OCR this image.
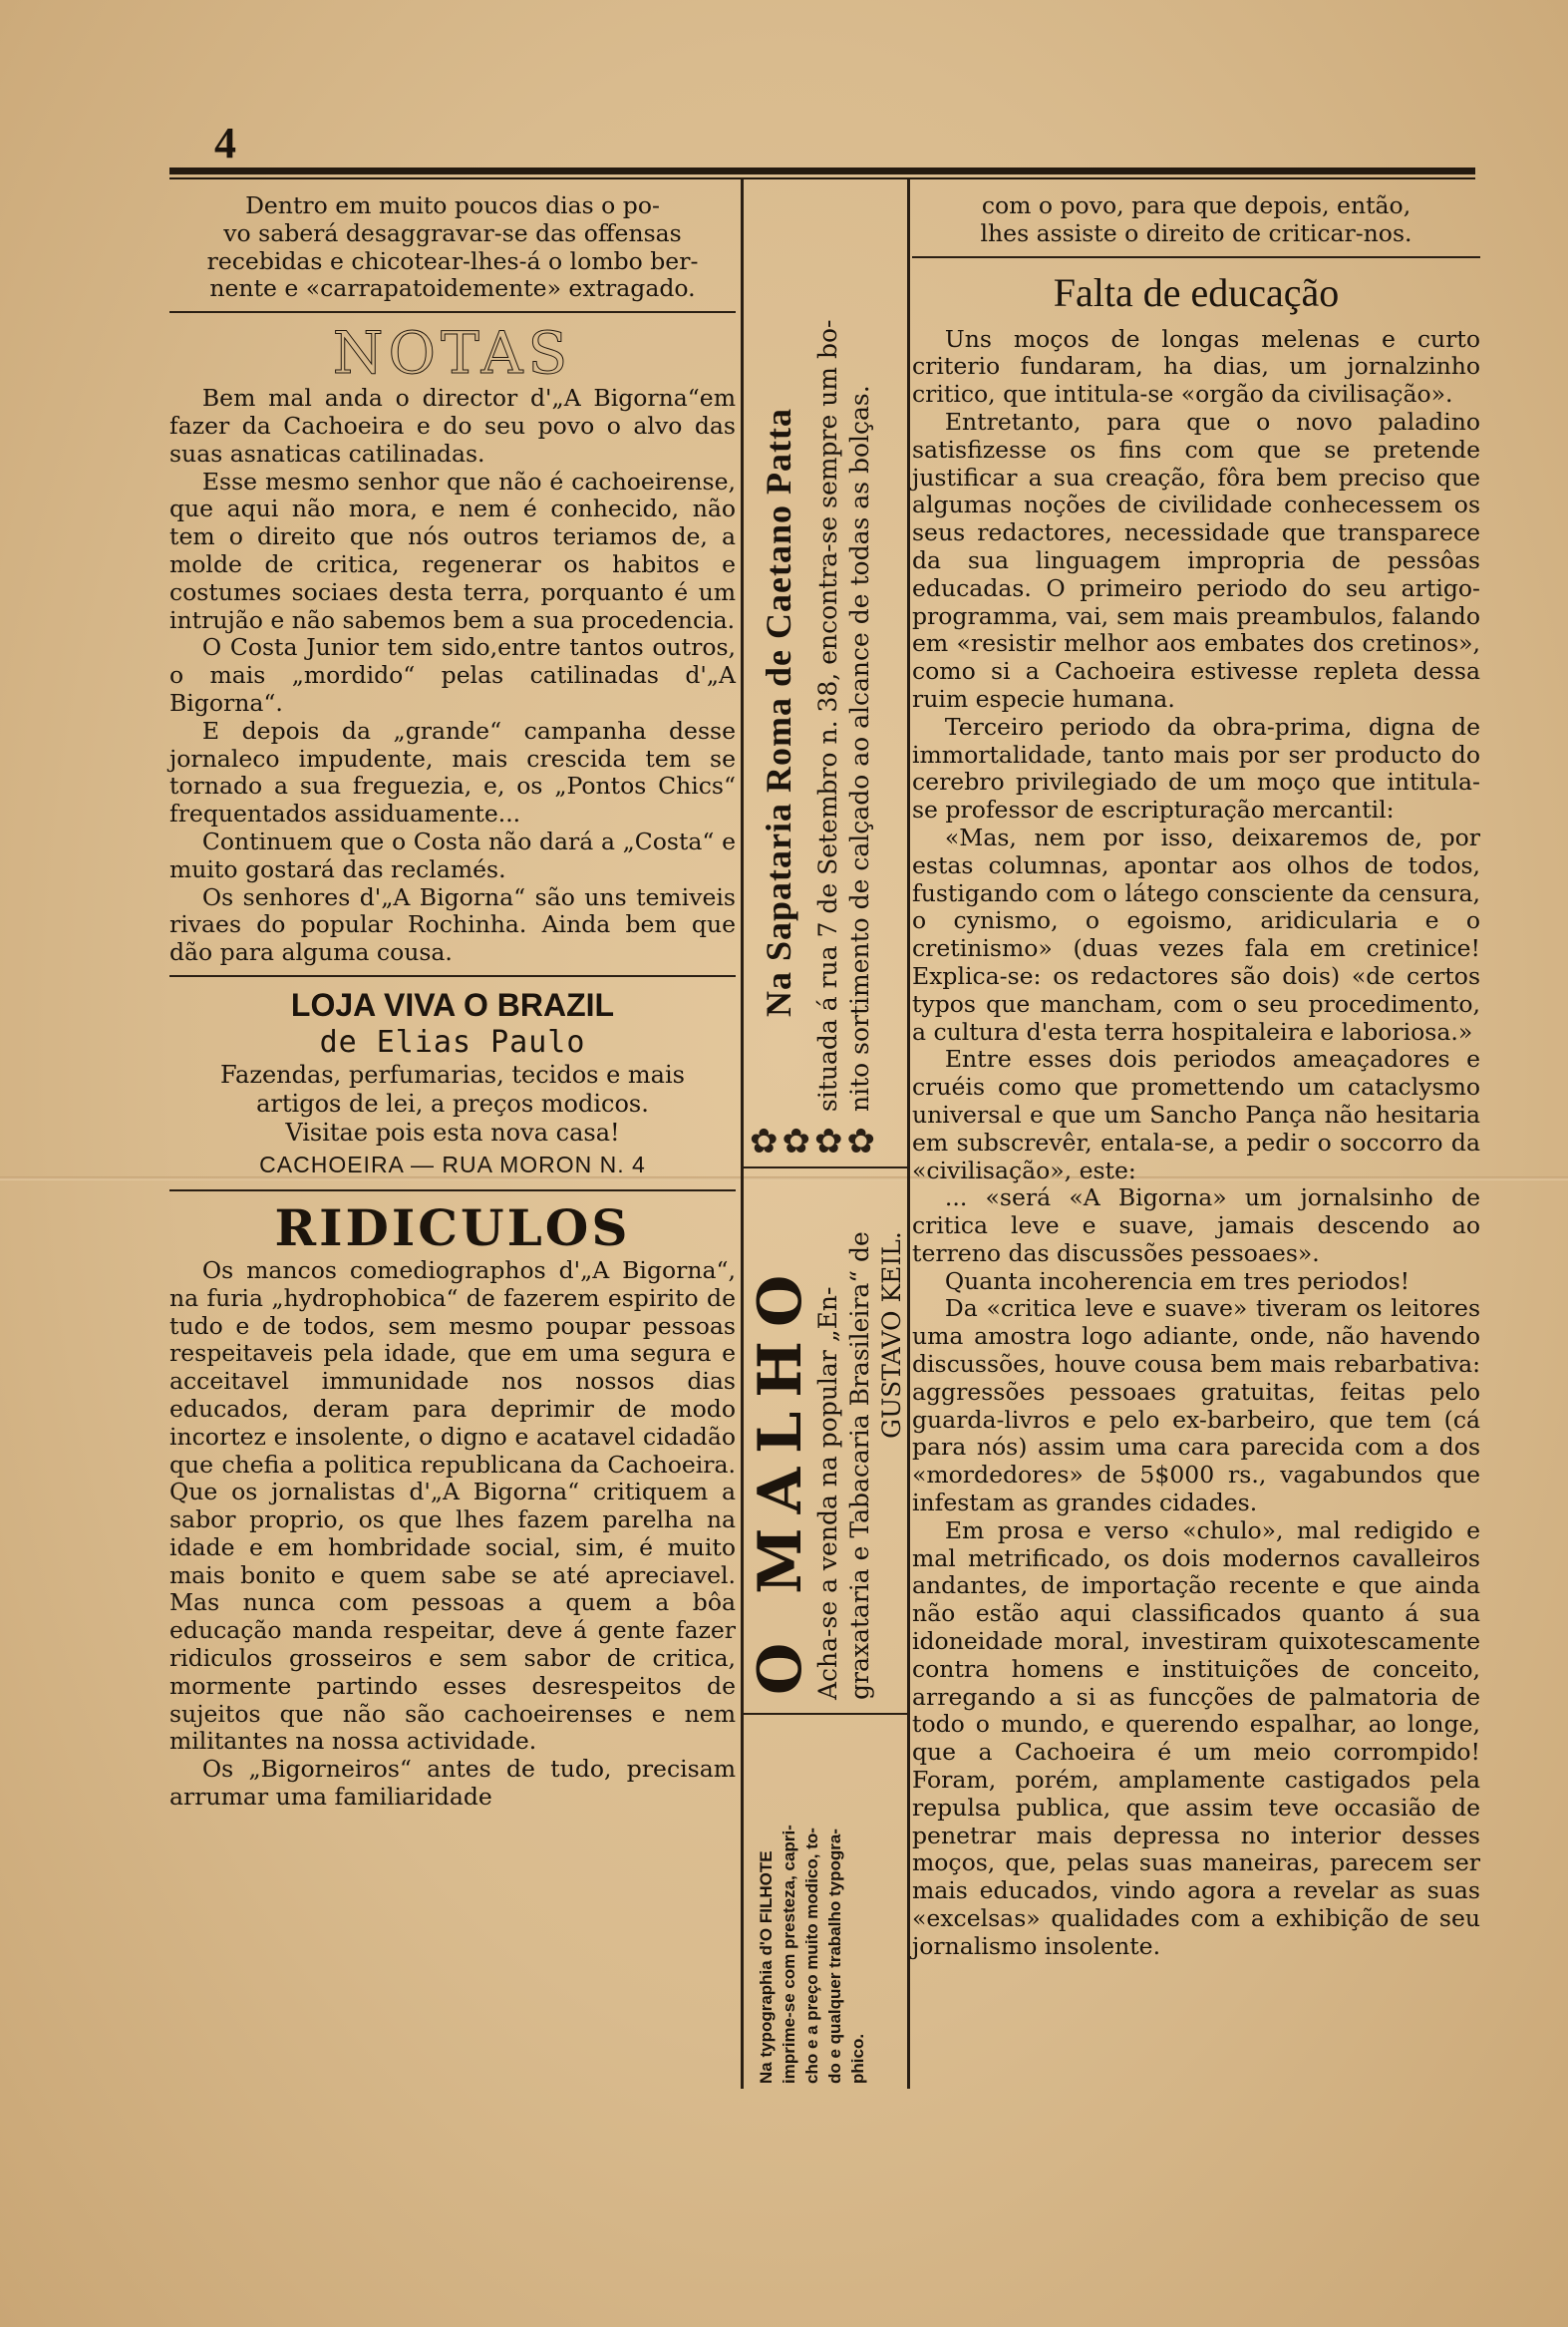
4
Dentro em muito poucos dias o po-
vo saberá desaggravar-se das offensas
recebidas e chicotear-lhes-á o lombo ber-
nente e «carrapatoidemente» extragado.
NOTAS

Bem mal anda o director d'„A Bigorna“em fazer da Cachoeira e do seu povo o alvo das suas asnaticas catilinadas.

Esse mesmo senhor que não é cachoeirense, que aqui não mora, e nem é conhecido, não tem o direito que nós outros teriamos de, a molde de critica, regenerar os habitos e costumes sociaes desta terra, porquanto é um intrujão e não sabemos bem a sua procedencia.

O Costa Junior tem sido,entre tantos outros, o mais „mordido“ pelas catilinadas d'„A Bigorna“.

E depois da „grande“ campanha desse jornaleco impudente, mais crescida tem se tornado a sua freguezia, e, os „Pontos Chics“ frequentados assiduamente...

Continuem que o Costa não dará a „Costa“ e muito gostará das reclamés.

Os senhores d'„A Bigorna“ são uns temiveis rivaes do popular Rochinha. Ainda bem que dão para alguma cousa.

LOJA VIVA O BRAZIL
de Elias Paulo
Fazendas, perfumarias, tecidos e mais
artigos de lei, a preços modicos.
Visitae pois esta nova casa!
CACHOEIRA — RUA MORON N. 4
RIDICULOS

Os mancos comediographos d'„A Bigorna“, na furia „hydrophobica“ de fazerem espirito de tudo e de todos, sem mesmo poupar pessoas respeitaveis pela idade, que em uma segura e acceitavel immunidade nos nossos dias educados, deram para deprimir de modo incortez e insolente, o digno e acatavel cidadão que chefia a politica republicana da Cachoeira. Que os jornalistas d'„A Bigorna“ critiquem a sabor proprio, os que lhes fazem parelha na idade e em hombridade social, sim, é muito mais bonito e quem sabe se até apreciavel. Mas nunca com pessoas a quem a bôa educação manda respeitar, deve á gente fazer ridiculos grosseiros e sem sabor de critica, mormente partindo esses desrespeitos de sujeitos que não são cachoeirenses e nem militantes na nossa actividade.

Os „Bigorneiros“ antes de tudo, precisam arrumar uma familiaridade

Na Sapataria Roma de Caetano Patta situada á rua 7 de Setembro n. 38, encontra-se sempre um bo- nito sortimento de calçado ao alcance de todas as bolças.
✿✿✿✿
O MALHO
Acha-se a venda na popular „En- graxataria e Tabacaria Brasileira“ de GUSTAVO KEIL.
Na typographia d'O FILHOTE imprime-se com presteza, capri- cho e a preço muito modico, to- do e qualquer trabalho typogra- phico.
com o povo, para que depois, então,
lhes assiste o direito de criticar-nos.
Falta de educação

Uns moços de longas melenas e curto criterio fundaram, ha dias, um jornalzinho critico, que intitula-se «orgão da civilisação».

Entretanto, para que o novo paladino satisfizesse os fins com que se pretende justificar a sua creação, fôra bem preciso que algumas noções de civilidade conhecessem os seus redactores, necessidade que transparece da sua linguagem impropria de pessôas educadas. O primeiro periodo do seu artigo-programma, vai, sem mais preambulos, falando em «resistir melhor aos embates dos cretinos», como si a Cachoeira estivesse repleta dessa ruim especie humana.

Terceiro periodo da obra-prima, digna de immortalidade, tanto mais por ser producto do cerebro privilegiado de um moço que intitula-se professor de escripturação mercantil:

«Mas, nem por isso, deixaremos de, por estas columnas, apontar aos olhos de todos, fustigando com o látego consciente da censura, o cynismo, o egoismo, aridicularia e o cretinismo» (duas vezes fala em cretinice! Explica-se: os redactores são dois) «de certos typos que mancham, com o seu procedimento, a cultura d'esta terra hospitaleira e laboriosa.»

Entre esses dois periodos ameaçadores e cruéis como que promettendo um cataclysmo universal e que um Sancho Pança não hesitaria em subscrevêr, entala-se, a pedir o soccorro da «civilisação», este:

... «será «A Bigorna» um jornalsinho de critica leve e suave, jamais descendo ao terreno das discussões pessoaes».

Quanta incoherencia em tres periodos!

Da «critica leve e suave» tiveram os leitores uma amostra logo adiante, onde, não havendo discussões, houve cousa bem mais rebarbativa: aggressões pessoaes gratuitas, feitas pelo guarda-livros e pelo ex-barbeiro, que tem (cá para nós) assim uma cara parecida com a dos «mordedores» de 5$000 rs., vagabundos que infestam as grandes cidades.

Em prosa e verso «chulo», mal redigido e mal metrificado, os dois modernos cavalleiros andantes, de importação recente e que ainda não estão aqui classificados quanto á sua idoneidade moral, investiram quixotescamente contra homens e instituições de conceito, arregando a si as funcções de palmatoria de todo o mundo, e querendo espalhar, ao longe, que a Cachoeira é um meio corrompido! Foram, porém, amplamente castigados pela repulsa publica, que assim teve occasião de penetrar mais depressa no interior desses moços, que, pelas suas maneiras, parecem ser mais educados, vindo agora a revelar as suas «excelsas» qualidades com a exhibição de seu jornalismo insolente.
